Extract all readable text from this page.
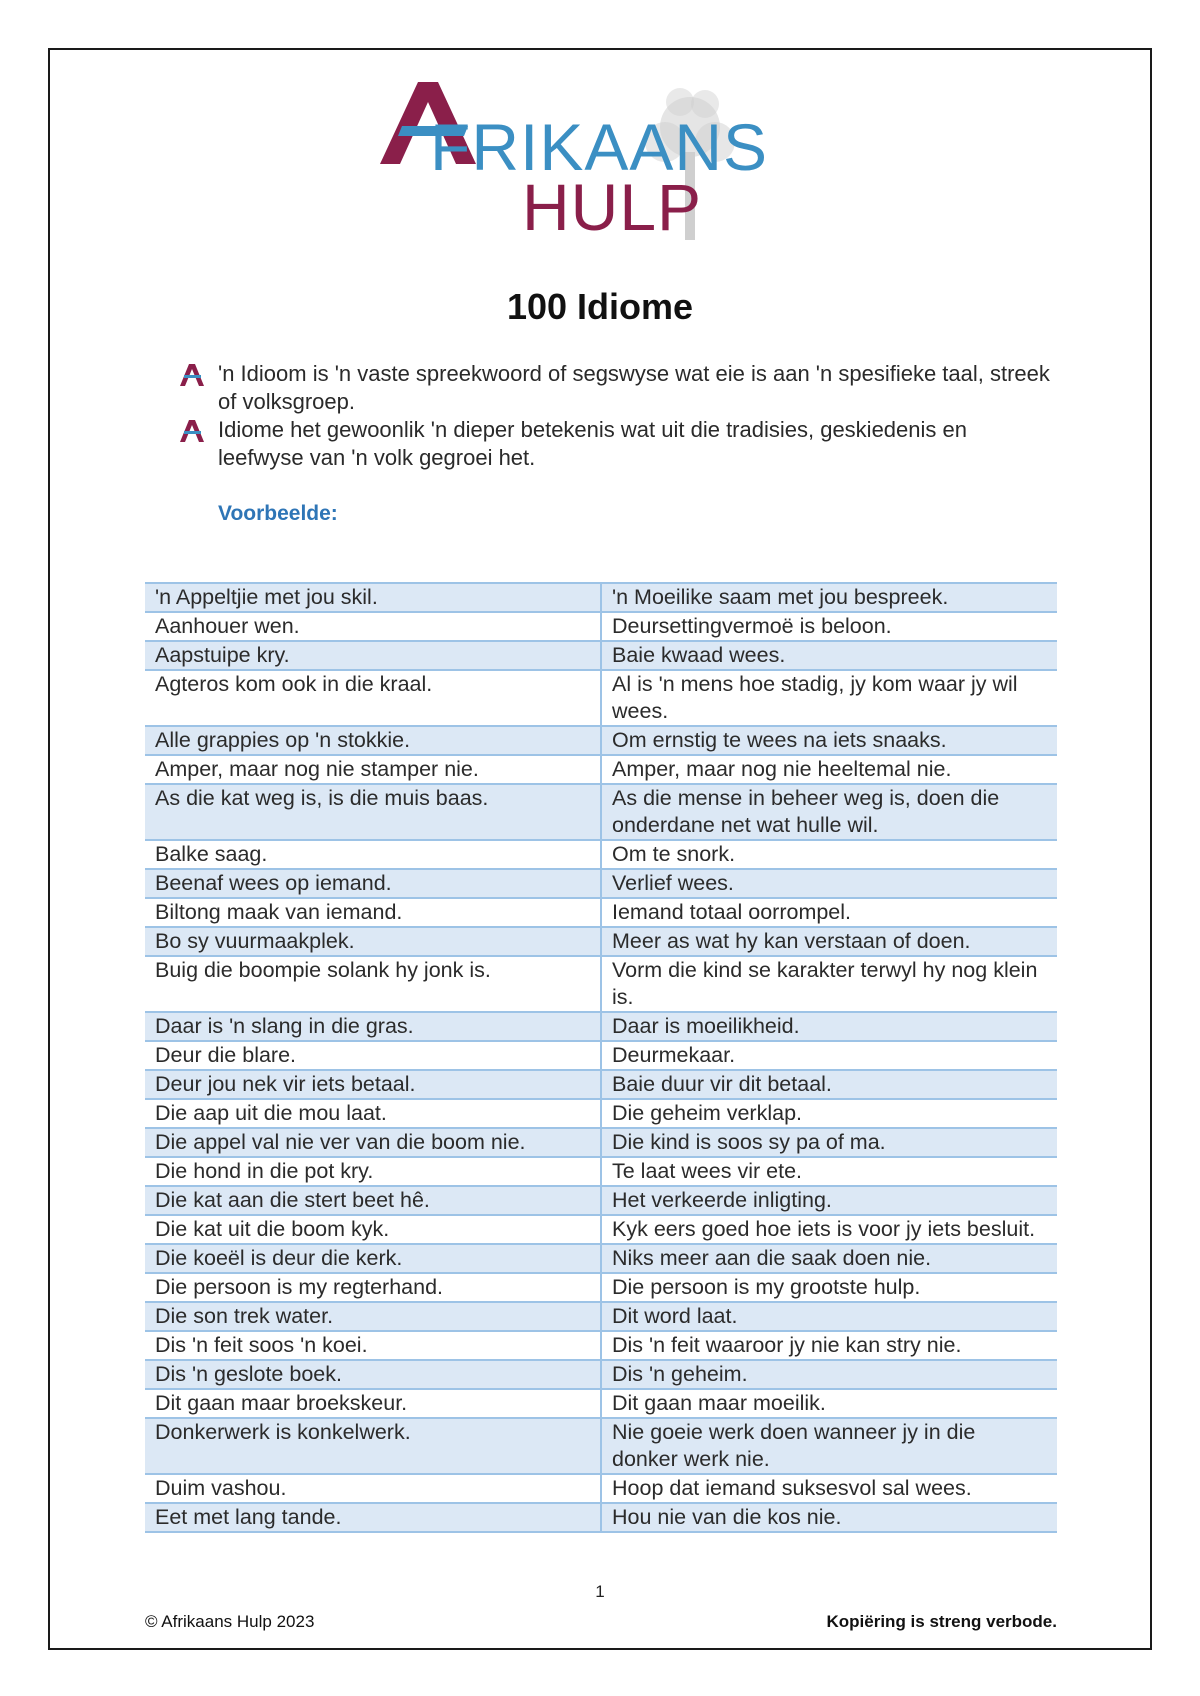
FRIKAANS
HULP
100 Idiome
'n Idioom is 'n vaste spreekwoord of segswyse wat eie is aan 'n spesifieke taal, streek of volksgroep.
Idiome het gewoonlik 'n dieper betekenis wat uit die tradisies, geskiedenis en leefwyse van 'n volk gegroei het.
Voorbeelde:
'n Appeltjie met jou skil.	'n Moeilike saam met jou bespreek.
Aanhouer wen.	Deursettingvermoë is beloon.
Aapstuipe kry.	Baie kwaad wees.
Agteros kom ook in die kraal.	Al is 'n mens hoe stadig, jy kom waar jy wil wees.
Alle grappies op 'n stokkie.	Om ernstig te wees na iets snaaks.
Amper, maar nog nie stamper nie.	Amper, maar nog nie heeltemal nie.
As die kat weg is, is die muis baas.	As die mense in beheer weg is, doen die onderdane net wat hulle wil.
Balke saag.	Om te snork.
Beenaf wees op iemand.	Verlief wees.
Biltong maak van iemand.	Iemand totaal oorrompel.
Bo sy vuurmaakplek.	Meer as wat hy kan verstaan of doen.
Buig die boompie solank hy jonk is.	Vorm die kind se karakter terwyl hy nog klein is.
Daar is 'n slang in die gras.	Daar is moeilikheid.
Deur die blare.	Deurmekaar.
Deur jou nek vir iets betaal.	Baie duur vir dit betaal.
Die aap uit die mou laat.	Die geheim verklap.
Die appel val nie ver van die boom nie.	Die kind is soos sy pa of ma.
Die hond in die pot kry.	Te laat wees vir ete.
Die kat aan die stert beet hê.	Het verkeerde inligting.
Die kat uit die boom kyk.	Kyk eers goed hoe iets is voor jy iets besluit.
Die koeël is deur die kerk.	Niks meer aan die saak doen nie.
Die persoon is my regterhand.	Die persoon is my grootste hulp.
Die son trek water.	Dit word laat.
Dis 'n feit soos 'n koei.	Dis 'n feit waaroor jy nie kan stry nie.
Dis 'n geslote boek.	Dis 'n geheim.
Dit gaan maar broekskeur.	Dit gaan maar moeilik.
Donkerwerk is konkelwerk.	Nie goeie werk doen wanneer jy in die donker werk nie.
Duim vashou.	Hoop dat iemand suksesvol sal wees.
Eet met lang tande.	Hou nie van die kos nie.
1
© Afrikaans Hulp 2023	Kopiëring is streng verbode.
